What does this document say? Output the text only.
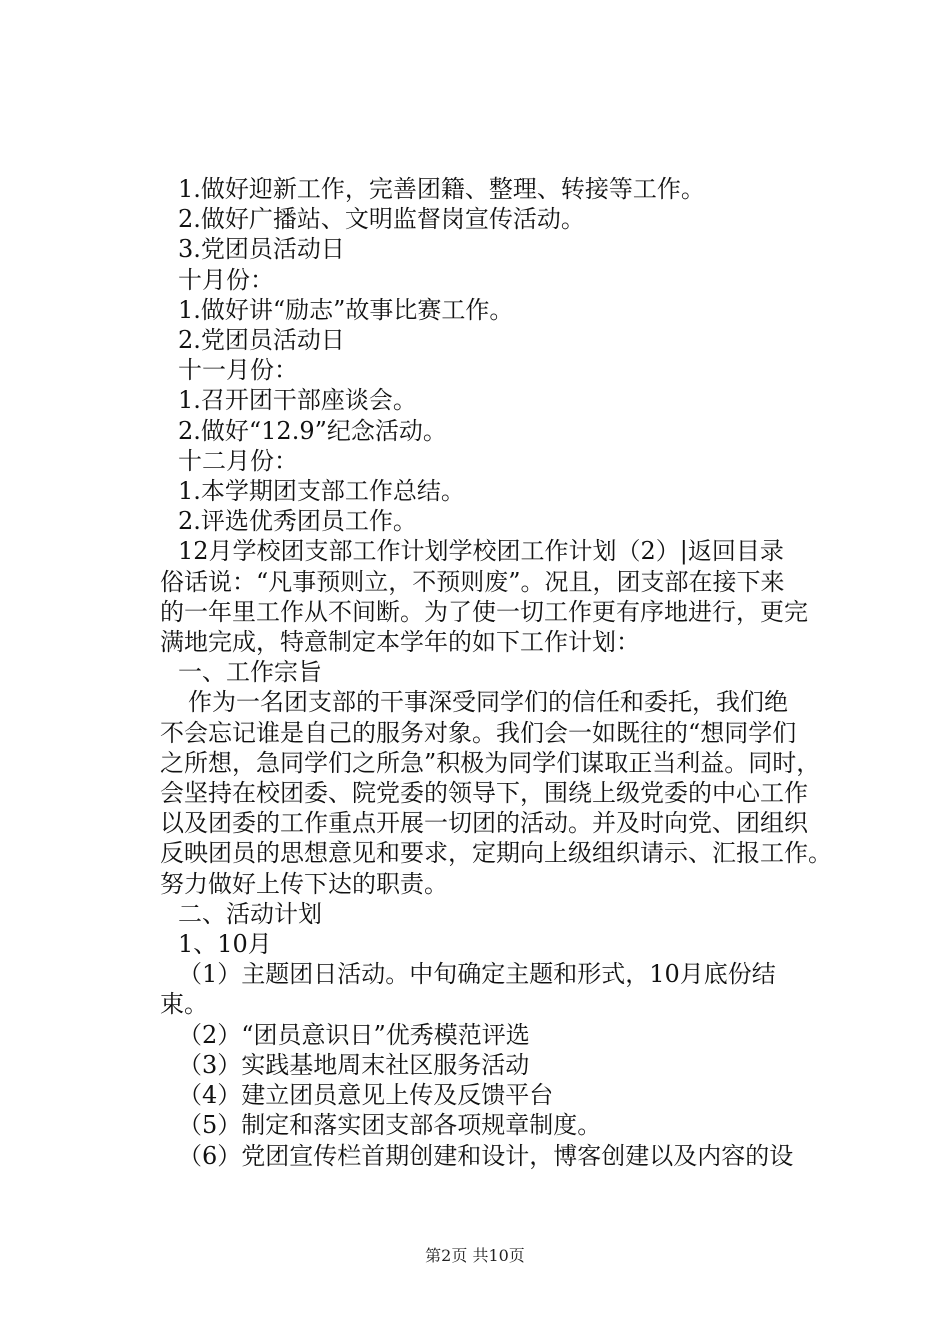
1.做好迎新工作，完善团籍、整理、转接等工作。
2.做好广播站、文明监督岗宣传活动。
3.党团员活动日
十月份：
1.做好讲“励志”故事比赛工作。
2.党团员活动日
十一月份：
1.召开团干部座谈会。
2.做好“12.9”纪念活动。
十二月份：
1.本学期团支部工作总结。
2.评选优秀团员工作。
12月学校团支部工作计划学校团工作计划（2）|返回目录
俗话说：“凡事预则立，不预则废”。况且，团支部在接下来
的一年里工作从不间断。为了使一切工作更有序地进行，更完
满地完成，特意制定本学年的如下工作计划：
一、工作宗旨
作为一名团支部的干事深受同学们的信任和委托，我们绝
不会忘记谁是自己的服务对象。我们会一如既往的“想同学们
之所想，急同学们之所急”积极为同学们谋取正当利益。同时，
会坚持在校团委、院党委的领导下，围绕上级党委的中心工作
以及团委的工作重点开展一切团的活动。并及时向党、团组织
反映团员的思想意见和要求，定期向上级组织请示、汇报工作。
努力做好上传下达的职责。
二、活动计划
1、10月
（1）主题团日活动。中旬确定主题和形式，10月底份结
束。
（2）“团员意识日”优秀模范评选
（3）实践基地周末社区服务活动
（4）建立团员意见上传及反馈平台
（5）制定和落实团支部各项规章制度。
（6）党团宣传栏首期创建和设计，博客创建以及内容的设
第2页 共10页
